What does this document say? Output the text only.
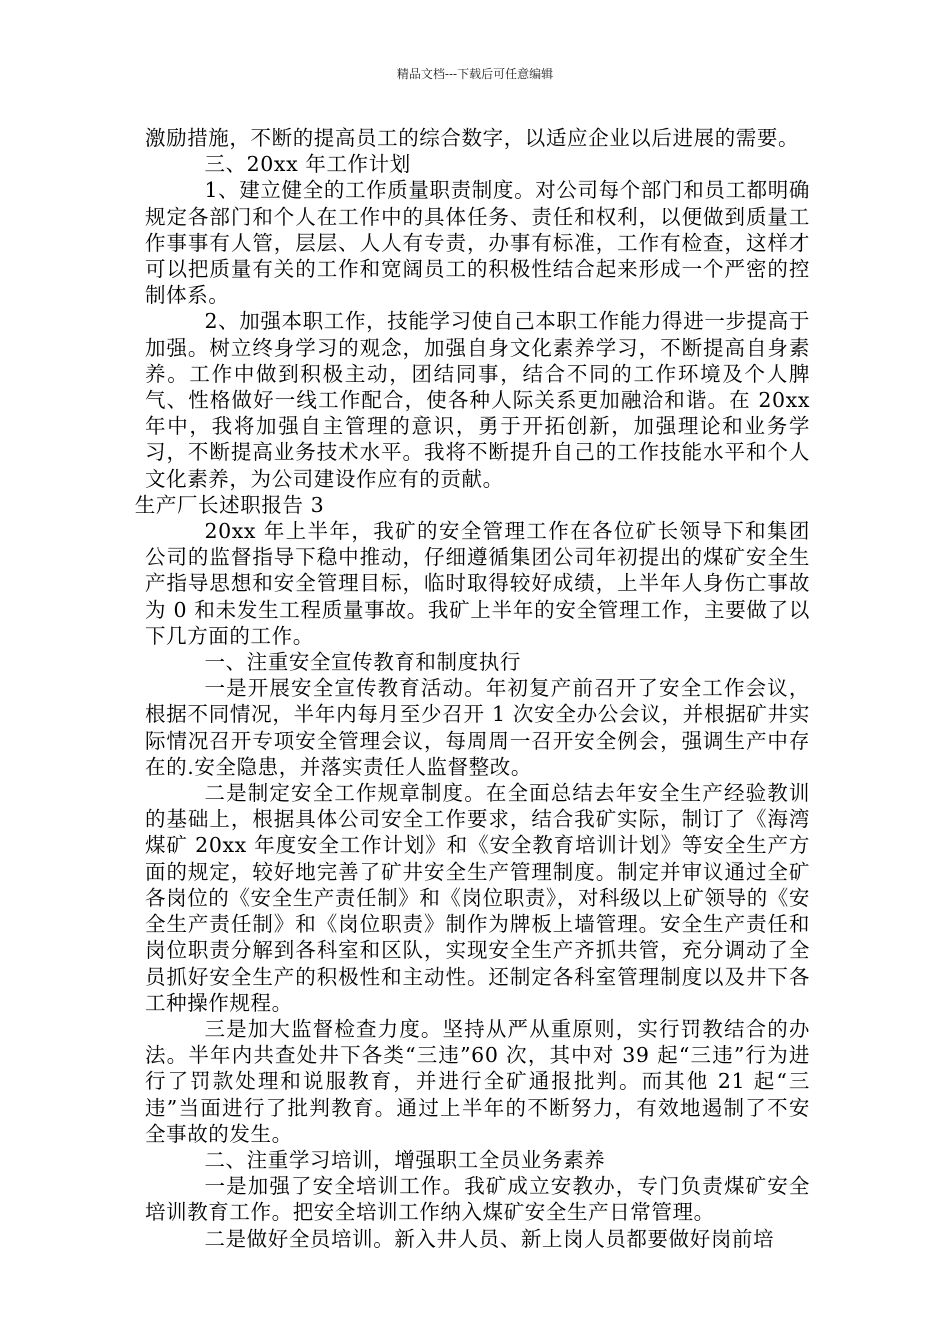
精品文档---下载后可任意编辑

激励措施，不断的提高员工的综合数字，以适应企业以后进展的需要。

三、20xx 年工作计划

1、建立健全的工作质量职责制度。对公司每个部门和员工都明确规定各部门和个人在工作中的具体任务、责任和权利，以便做到质量工作事事有人管，层层、人人有专责，办事有标准，工作有检查，这样才可以把质量有关的工作和宽阔员工的积极性结合起来形成一个严密的控制体系。

2、加强本职工作，技能学习使自己本职工作能力得进一步提高于加强。树立终身学习的观念，加强自身文化素养学习，不断提高自身素养。工作中做到积极主动，团结同事，结合不同的工作环境及个人脾气、性格做好一线工作配合，使各种人际关系更加融洽和谐。在 20xx 年中，我将加强自主管理的意识，勇于开拓创新，加强理论和业务学习，不断提高业务技术水平。我将不断提升自己的工作技能水平和个人文化素养，为公司建设作应有的贡献。

生产厂长述职报告 3

20xx 年上半年，我矿的安全管理工作在各位矿长领导下和集团公司的监督指导下稳中推动，仔细遵循集团公司年初提出的煤矿安全生产指导思想和安全管理目标，临时取得较好成绩，上半年人身伤亡事故为 0 和未发生工程质量事故。我矿上半年的安全管理工作，主要做了以下几方面的工作。

一、注重安全宣传教育和制度执行

一是开展安全宣传教育活动。年初复产前召开了安全工作会议，根据不同情况，半年内每月至少召开 1 次安全办公会议，并根据矿井实际情况召开专项安全管理会议，每周周一召开安全例会，强调生产中存在的.安全隐患，并落实责任人监督整改。

二是制定安全工作规章制度。在全面总结去年安全生产经验教训的基础上，根据具体公司安全工作要求，结合我矿实际，制订了《海湾煤矿 20xx 年度安全工作计划》和《安全教育培训计划》等安全生产方面的规定，较好地完善了矿井安全生产管理制度。制定并审议通过全矿各岗位的《安全生产责任制》和《岗位职责》，对科级以上矿领导的《安全生产责任制》和《岗位职责》制作为牌板上墙管理。安全生产责任和岗位职责分解到各科室和区队，实现安全生产齐抓共管，充分调动了全员抓好安全生产的积极性和主动性。还制定各科室管理制度以及井下各工种操作规程。

三是加大监督检查力度。坚持从严从重原则，实行罚教结合的办法。半年内共查处井下各类“三违”60 次，其中对 39 起“三违”行为进行了罚款处理和说服教育，并进行全矿通报批判。而其他 21 起“三违”当面进行了批判教育。通过上半年的不断努力，有效地遏制了不安全事故的发生。

二、注重学习培训，增强职工全员业务素养

一是加强了安全培训工作。我矿成立安教办，专门负责煤矿安全培训教育工作。把安全培训工作纳入煤矿安全生产日常管理。

二是做好全员培训。新入井人员、新上岗人员都要做好岗前培
